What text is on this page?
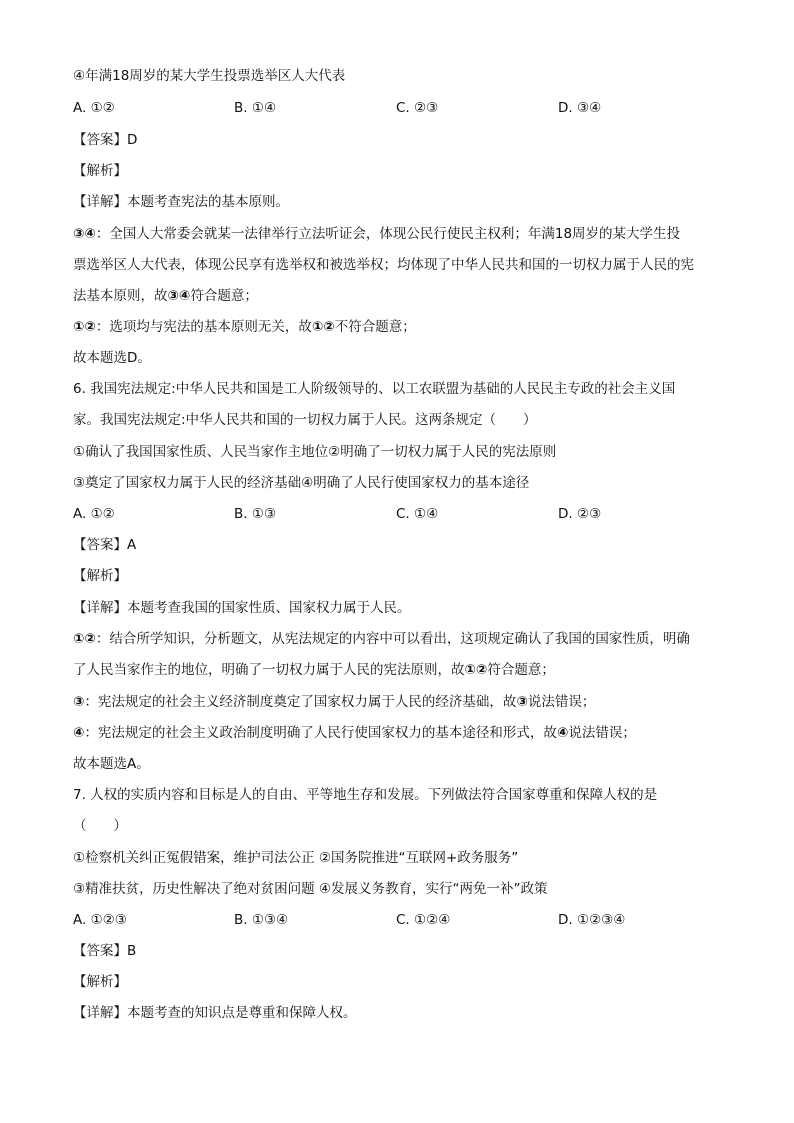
④年满18周岁的某大学生投票选举区人大代表
A. ①②	B. ①④	C. ②③	D. ③④
【答案】D
【解析】
【详解】本题考查宪法的基本原则。
③④：全国人大常委会就某一法律举行立法听证会，体现公民行使民主权利；年满18周岁的某大学生投
票选举区人大代表，体现公民享有选举权和被选举权；均体现了中华人民共和国的一切权力属于人民的宪
法基本原则，故③④符合题意；
①②：选项均与宪法的基本原则无关，故①②不符合题意；
故本题选D。
6. 我国宪法规定:中华人民共和国是工人阶级领导的、以工农联盟为基础的人民民主专政的社会主义国
家。我国宪法规定:中华人民共和国的一切权力属于人民。这两条规定（　　）
①确认了我国国家性质、人民当家作主地位②明确了一切权力属于人民的宪法原则
③奠定了国家权力属于人民的经济基础④明确了人民行使国家权力的基本途径
A. ①②	B. ①③	C. ①④	D. ②③
【答案】A
【解析】
【详解】本题考查我国的国家性质、国家权力属于人民。
①②：结合所学知识，分析题文，从宪法规定的内容中可以看出，这项规定确认了我国的国家性质，明确
了人民当家作主的地位，明确了一切权力属于人民的宪法原则，故①②符合题意；
③：宪法规定的社会主义经济制度奠定了国家权力属于人民的经济基础，故③说法错误；
④：宪法规定的社会主义政治制度明确了人民行使国家权力的基本途径和形式，故④说法错误；
故本题选A。
7. 人权的实质内容和目标是人的自由、平等地生存和发展。下列做法符合国家尊重和保障人权的是
（　　）
①检察机关纠正冤假错案，维护司法公正 ②国务院推进“互联网+政务服务”
③精准扶贫，历史性解决了绝对贫困问题 ④发展义务教育，实行“两免一补”政策
A. ①②③	B. ①③④	C. ①②④	D. ①②③④
【答案】B
【解析】
【详解】本题考查的知识点是尊重和保障人权。
